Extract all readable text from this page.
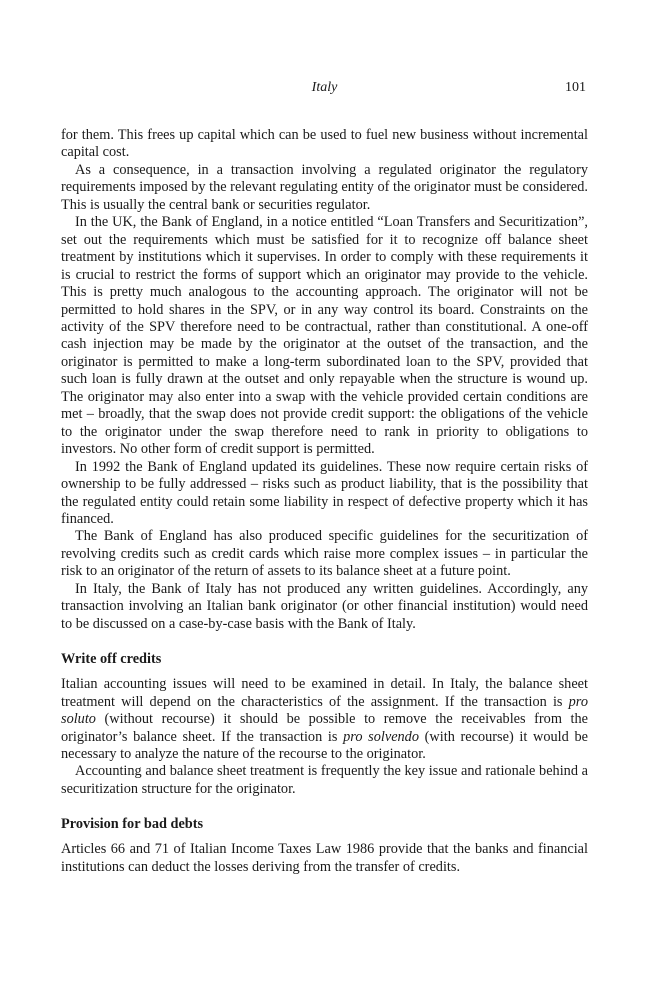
Italy	101

for them. This frees up capital which can be used to fuel new business without incremental capital cost.

As a consequence, in a transaction involving a regulated originator the regulatory requirements imposed by the relevant regulating entity of the originator must be considered. This is usually the central bank or securities regulator.

In the UK, the Bank of England, in a notice entitled “Loan Transfers and Securitization”, set out the requirements which must be satisfied for it to recognize off balance sheet treatment by institutions which it supervises. In order to comply with these requirements it is crucial to restrict the forms of support which an originator may provide to the vehicle. This is pretty much analogous to the accounting approach. The originator will not be permitted to hold shares in the SPV, or in any way control its board. Constraints on the activity of the SPV therefore need to be contractual, rather than constitutional. A one-off cash injection may be made by the originator at the outset of the transaction, and the originator is permitted to make a long-term subordinated loan to the SPV, provided that such loan is fully drawn at the outset and only repayable when the structure is wound up. The originator may also enter into a swap with the vehicle provided certain conditions are met – broadly, that the swap does not provide credit support: the obligations of the vehicle to the originator under the swap therefore need to rank in priority to obligations to investors. No other form of credit support is permitted.

In 1992 the Bank of England updated its guidelines. These now require certain risks of ownership to be fully addressed – risks such as product liability, that is the possibility that the regulated entity could retain some liability in respect of defective property which it has financed.

The Bank of England has also produced specific guidelines for the securitization of revolving credits such as credit cards which raise more complex issues – in particular the risk to an originator of the return of assets to its balance sheet at a future point.

In Italy, the Bank of Italy has not produced any written guidelines. Accordingly, any transaction involving an Italian bank originator (or other financial institution) would need to be discussed on a case-by-case basis with the Bank of Italy.

Write off credits

Italian accounting issues will need to be examined in detail. In Italy, the balance sheet treatment will depend on the characteristics of the assignment. If the transaction is pro soluto (without recourse) it should be possible to remove the receivables from the originator’s balance sheet. If the transaction is pro solvendo (with recourse) it would be necessary to analyze the nature of the recourse to the originator.

Accounting and balance sheet treatment is frequently the key issue and rationale behind a securitization structure for the originator.

Provision for bad debts

Articles 66 and 71 of Italian Income Taxes Law 1986 provide that the banks and financial institutions can deduct the losses deriving from the transfer of credits.
